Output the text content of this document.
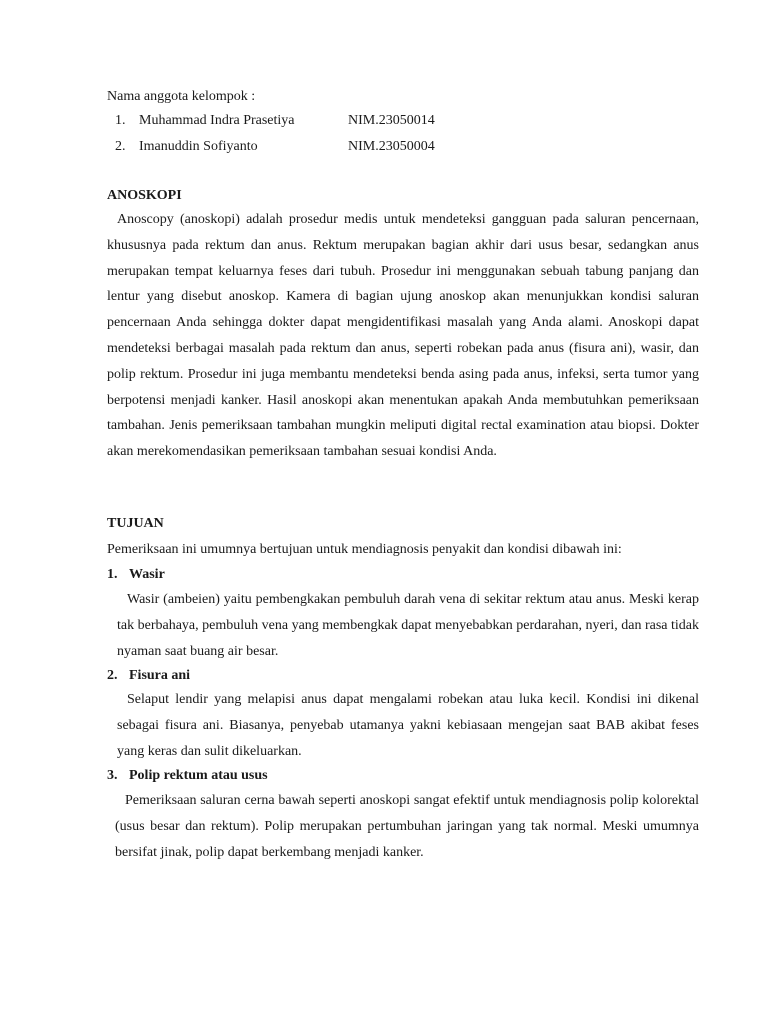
Nama anggota kelompok :
1. Muhammad Indra Prasetiya	NIM.23050014
2. Imanuddin Sofiyanto	NIM.23050004
ANOSKOPI
Anoscopy (anoskopi) adalah prosedur medis untuk mendeteksi gangguan pada saluran pencernaan, khususnya pada rektum dan anus. Rektum merupakan bagian akhir dari usus besar, sedangkan anus merupakan tempat keluarnya feses dari tubuh. Prosedur ini menggunakan sebuah tabung panjang dan lentur yang disebut anoskop. Kamera di bagian ujung anoskop akan menunjukkan kondisi saluran pencernaan Anda sehingga dokter dapat mengidentifikasi masalah yang Anda alami. Anoskopi dapat mendeteksi berbagai masalah pada rektum dan anus, seperti robekan pada anus (fisura ani), wasir, dan polip rektum. Prosedur ini juga membantu mendeteksi benda asing pada anus, infeksi, serta tumor yang berpotensi menjadi kanker. Hasil anoskopi akan menentukan apakah Anda membutuhkan pemeriksaan tambahan. Jenis pemeriksaan tambahan mungkin meliputi digital rectal examination atau biopsi. Dokter akan merekomendasikan pemeriksaan tambahan sesuai kondisi Anda.
TUJUAN
Pemeriksaan ini umumnya bertujuan untuk mendiagnosis penyakit dan kondisi dibawah ini:
1. Wasir
Wasir (ambeien) yaitu pembengkakan pembuluh darah vena di sekitar rektum atau anus. Meski kerap tak berbahaya, pembuluh vena yang membengkak dapat menyebabkan perdarahan, nyeri, dan rasa tidak nyaman saat buang air besar.
2. Fisura ani
Selaput lendir yang melapisi anus dapat mengalami robekan atau luka kecil. Kondisi ini dikenal sebagai fisura ani. Biasanya, penyebab utamanya yakni kebiasaan mengejan saat BAB akibat feses yang keras dan sulit dikeluarkan.
3. Polip rektum atau usus
Pemeriksaan saluran cerna bawah seperti anoskopi sangat efektif untuk mendiagnosis polip kolorektal (usus besar dan rektum). Polip merupakan pertumbuhan jaringan yang tak normal. Meski umumnya bersifat jinak, polip dapat berkembang menjadi kanker.
